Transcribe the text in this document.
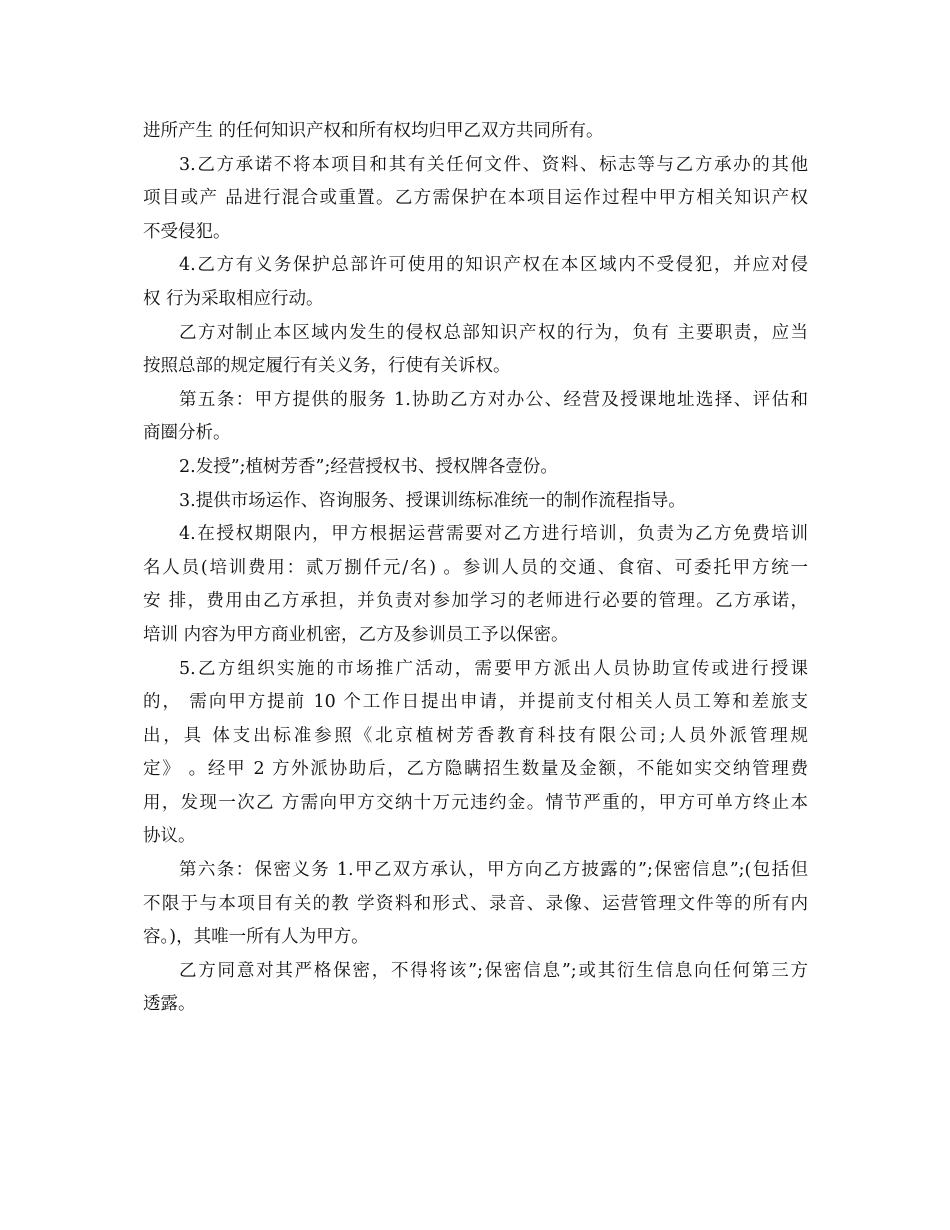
进所产生 的任何知识产权和所有权均归甲乙双方共同所有。
3.乙方承诺不将本项目和其有关任何文件、资料、标志等与乙方承办的其他
项目或产 品进行混合或重置。乙方需保护在本项目运作过程中甲方相关知识产权
不受侵犯。
4.乙方有义务保护总部许可使用的知识产权在本区域内不受侵犯，并应对侵
权 行为采取相应行动。
乙方对制止本区域内发生的侵权总部知识产权的行为，负有 主要职责，应当
按照总部的规定履行有关义务，行使有关诉权。
第五条：甲方提供的服务 1.协助乙方对办公、经营及授课地址选择、评估和
商圈分析。
2.发授”;植树芳香”;经营授权书、授权牌各壹份。
3.提供市场运作、咨询服务、授课训练标准统一的制作流程指导。
4.在授权期限内，甲方根据运营需要对乙方进行培训，负责为乙方免费培训
名人员(培训费用：贰万捌仟元/名) 。参训人员的交通、食宿、可委托甲方统一
安 排，费用由乙方承担，并负责对参加学习的老师进行必要的管理。乙方承诺，
培训 内容为甲方商业机密，乙方及参训员工予以保密。
5.乙方组织实施的市场推广活动，需要甲方派出人员协助宣传或进行授课
的， 需向甲方提前 10 个工作日提出申请，并提前支付相关人员工筹和差旅支
出，具 体支出标准参照《北京植树芳香教育科技有限公司;人员外派管理规
定》 。经甲 2 方外派协助后，乙方隐瞒招生数量及金额，不能如实交纳管理费
用，发现一次乙 方需向甲方交纳十万元违约金。情节严重的，甲方可单方终止本
协议。
第六条：保密义务 1.甲乙双方承认，甲方向乙方披露的”;保密信息”;(包括但
不限于与本项目有关的教 学资料和形式、录音、录像、运营管理文件等的所有内
容。)，其唯一所有人为甲方。
乙方同意对其严格保密，不得将该”;保密信息”;或其衍生信息向任何第三方
透露。
